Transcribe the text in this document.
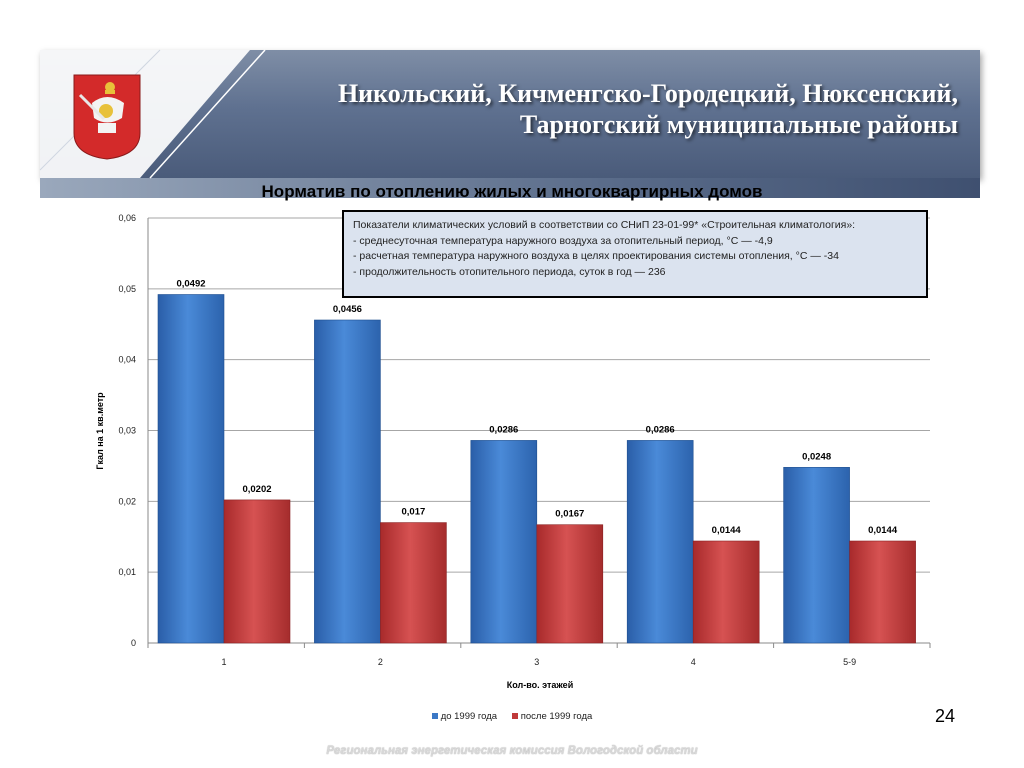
Никольский, Кичменгско-Городецкий, Нюксенский,
Тарногский муниципальные районы
Норматив по отоплению жилых и многоквартирных домов
Гкал на 1 кв.метр
Кол-во. этажей
0
0,01
0,02
0,03
0,04
0,05
0,06
1
0,0492
0,0202
2
0,0456
0,017
3
0,0286
0,0167
4
0,0286
0,0144
5-9
0,0248
0,0144
Показатели климатических условий в соответствии со СНиП 23-01-99* «Строительная климатология»:
- среднесуточная температура наружного воздуха за отопительный период, °С — -4,9
- расчетная температура наружного воздуха в целях проектирования системы отопления, °С — -34
- продолжительность отопительного периода, суток в год — 236
до 1999 года после 1999 года	24
Региональная энергетическая комиссия Вологодской области
